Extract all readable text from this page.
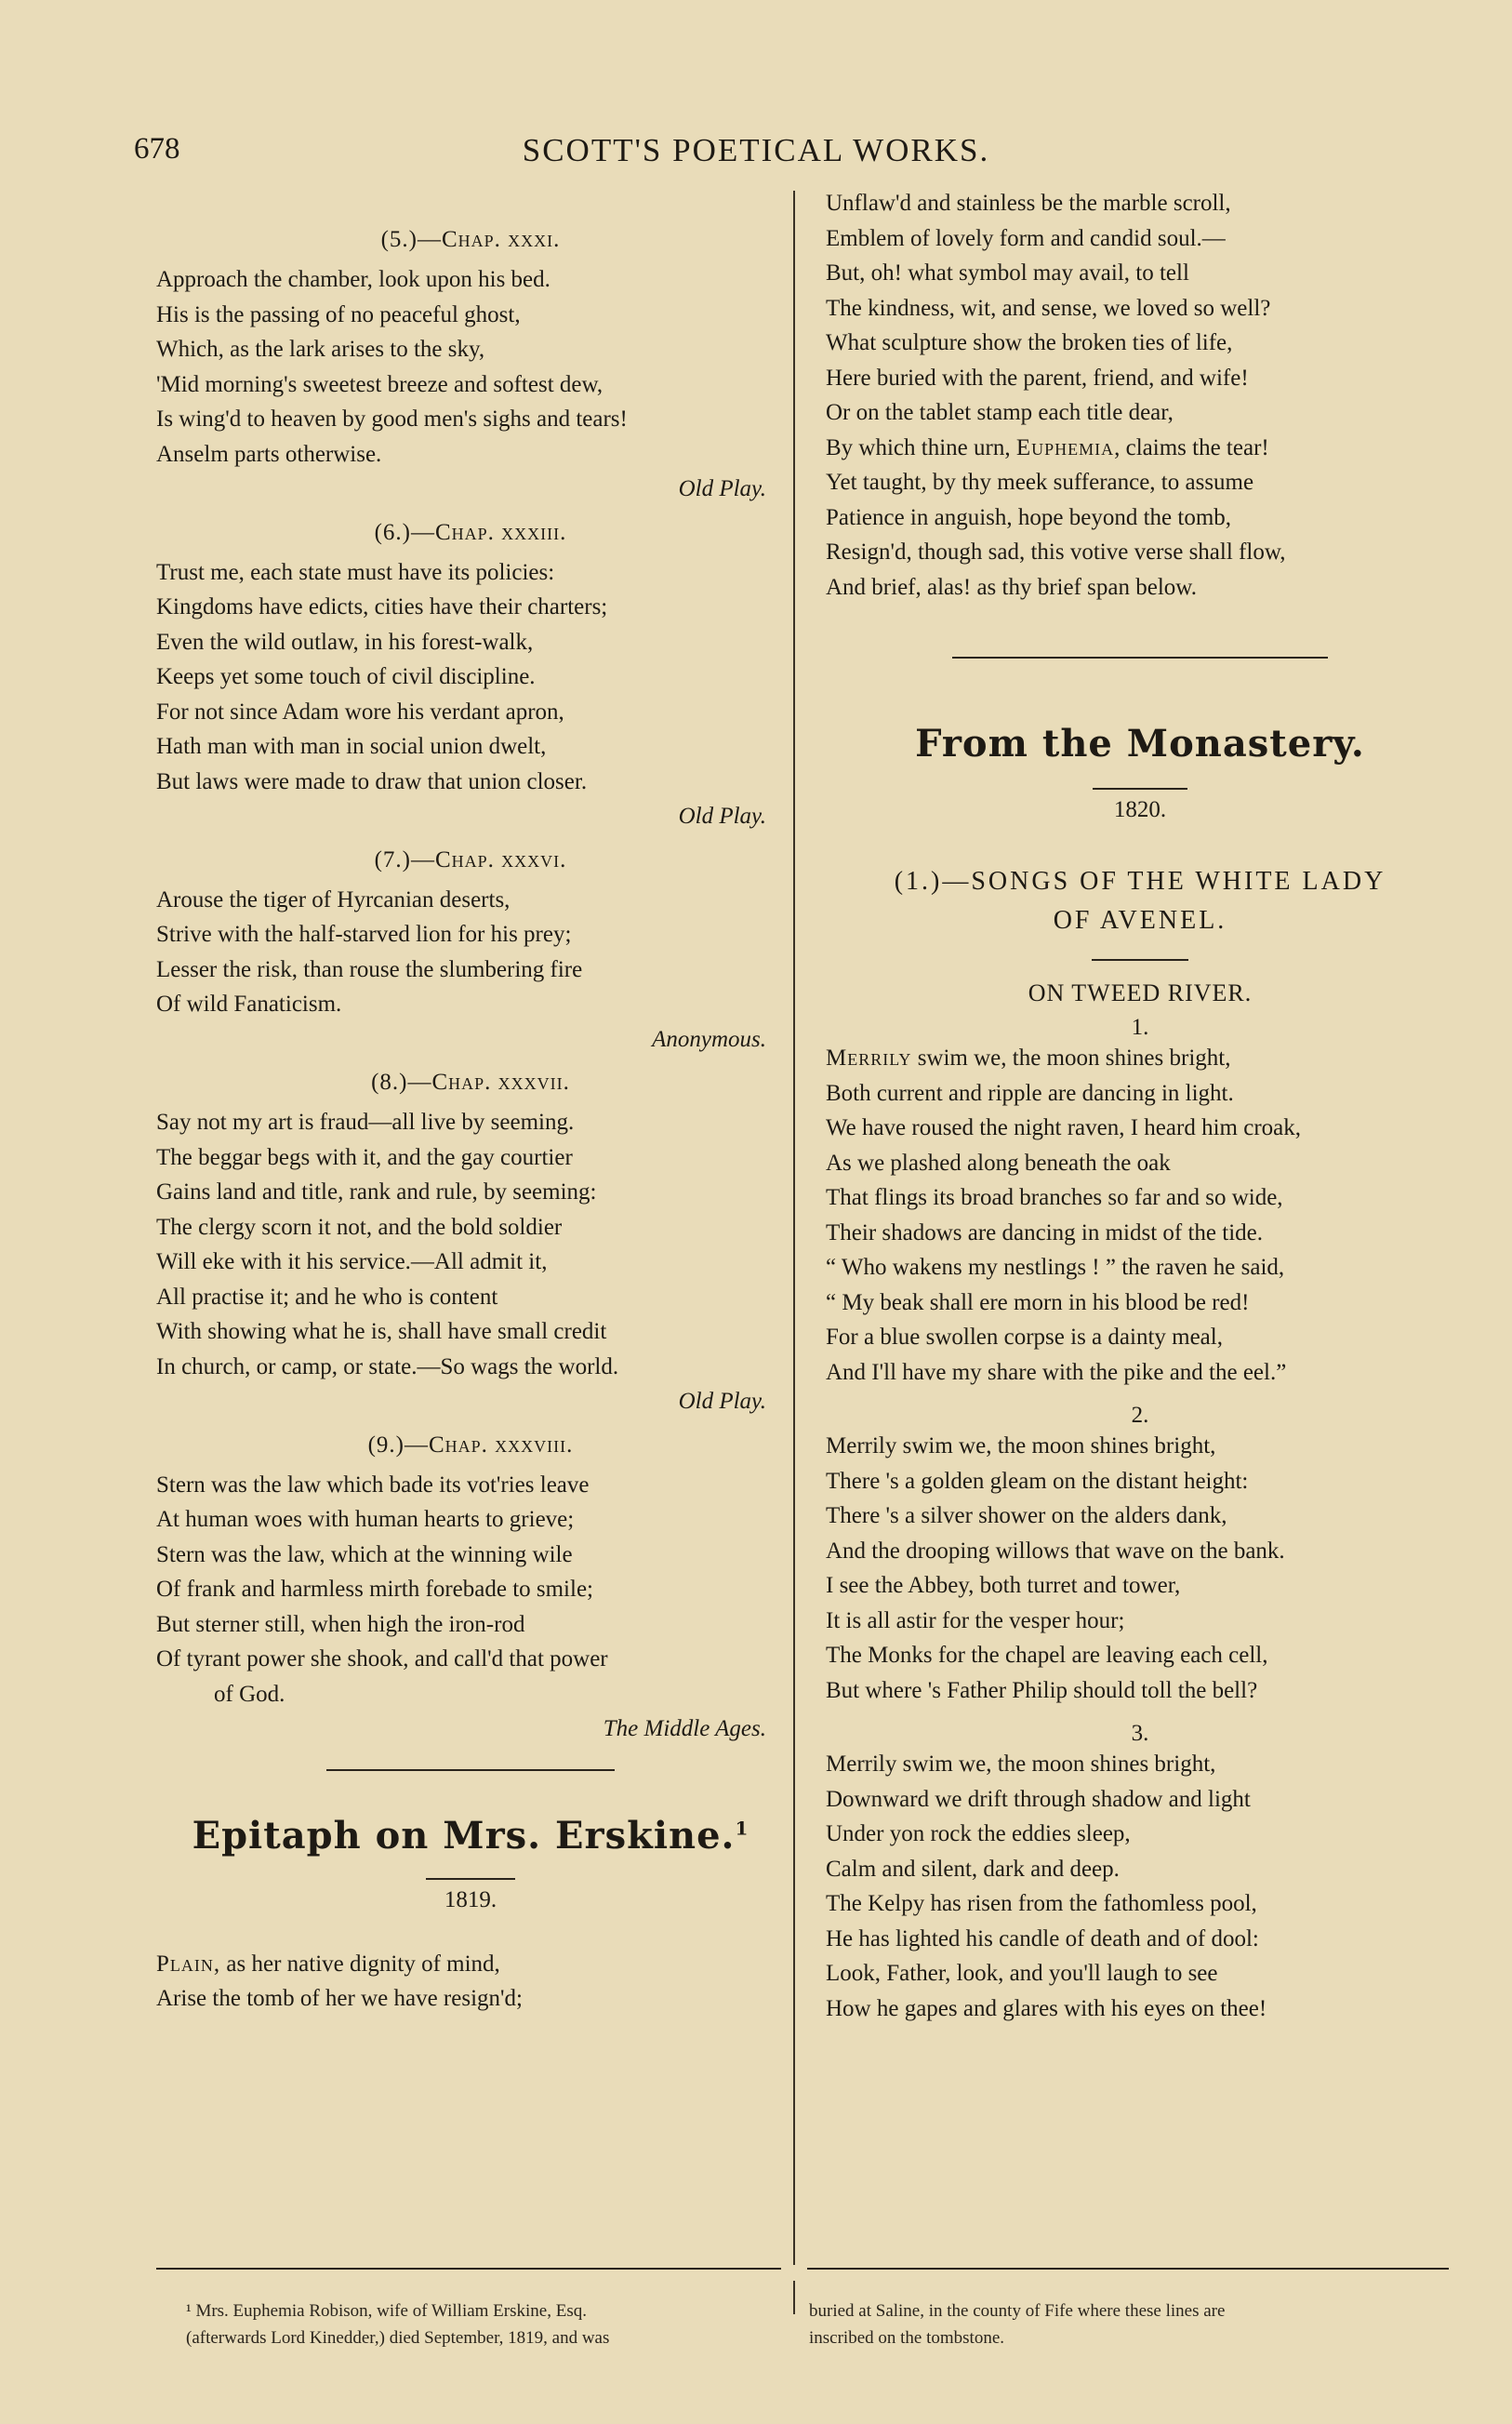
678	SCOTT'S POETICAL WORKS.
(5.)—Chap. xxxi.
Approach the chamber, look upon his bed.
His is the passing of no peaceful ghost,
Which, as the lark arises to the sky,
'Mid morning's sweetest breeze and softest dew,
Is wing'd to heaven by good men's sighs and tears!
Anselm parts otherwise.
Old Play.
(6.)—Chap. xxxiii.
Trust me, each state must have its policies:
Kingdoms have edicts, cities have their charters;
Even the wild outlaw, in his forest-walk,
Keeps yet some touch of civil discipline.
For not since Adam wore his verdant apron,
Hath man with man in social union dwelt,
But laws were made to draw that union closer.
Old Play.
(7.)—Chap. xxxvi.
Arouse the tiger of Hyrcanian deserts,
Strive with the half-starved lion for his prey;
Lesser the risk, than rouse the slumbering fire
Of wild Fanaticism.
Anonymous.
(8.)—Chap. xxxvii.
Say not my art is fraud—all live by seeming.
The beggar begs with it, and the gay courtier
Gains land and title, rank and rule, by seeming:
The clergy scorn it not, and the bold soldier
Will eke with it his service.—All admit it,
All practise it; and he who is content
With showing what he is, shall have small credit
In church, or camp, or state.—So wags the world.
Old Play.
(9.)—Chap. xxxviii.
Stern was the law which bade its vot'ries leave
At human woes with human hearts to grieve;
Stern was the law, which at the winning wile
Of frank and harmless mirth forebade to smile;
But sterner still, when high the iron-rod
Of tyrant power she shook, and call'd that power
of God.
The Middle Ages.
Epitaph on Mrs. Erskine.$^1$
1819.
Plain, as her native dignity of mind,
Arise the tomb of her we have resign'd;
Unflaw'd and stainless be the marble scroll,
Emblem of lovely form and candid soul.—
But, oh! what symbol may avail, to tell
The kindness, wit, and sense, we loved so well?
What sculpture show the broken ties of life,
Here buried with the parent, friend, and wife!
Or on the tablet stamp each title dear,
By which thine urn, Euphemia, claims the tear!
Yet taught, by thy meek sufferance, to assume
Patience in anguish, hope beyond the tomb,
Resign'd, though sad, this votive verse shall flow,
And brief, alas! as thy brief span below.
From the Monastery.
1820.
(1.)—SONGS OF THE WHITE LADY
OF AVENEL.
ON TWEED RIVER.
1.
Merrily swim we, the moon shines bright,
Both current and ripple are dancing in light.
We have roused the night raven, I heard him croak,
As we plashed along beneath the oak
That flings its broad branches so far and so wide,
Their shadows are dancing in midst of the tide.
“ Who wakens my nestlings ! ” the raven he said,
“ My beak shall ere morn in his blood be red!
For a blue swollen corpse is a dainty meal,
And I'll have my share with the pike and the eel.”
2.
Merrily swim we, the moon shines bright,
There 's a golden gleam on the distant height:
There 's a silver shower on the alders dank,
And the drooping willows that wave on the bank.
I see the Abbey, both turret and tower,
It is all astir for the vesper hour;
The Monks for the chapel are leaving each cell,
But where 's Father Philip should toll the bell?
3.
Merrily swim we, the moon shines bright,
Downward we drift through shadow and light
Under yon rock the eddies sleep,
Calm and silent, dark and deep.
The Kelpy has risen from the fathomless pool,
He has lighted his candle of death and of dool:
Look, Father, look, and you'll laugh to see
How he gapes and glares with his eyes on thee!
¹ Mrs. Euphemia Robison, wife of William Erskine, Esq.
(afterwards Lord Kinedder,) died September, 1819, and was
buried at Saline, in the county of Fife where these lines are
inscribed on the tombstone.
